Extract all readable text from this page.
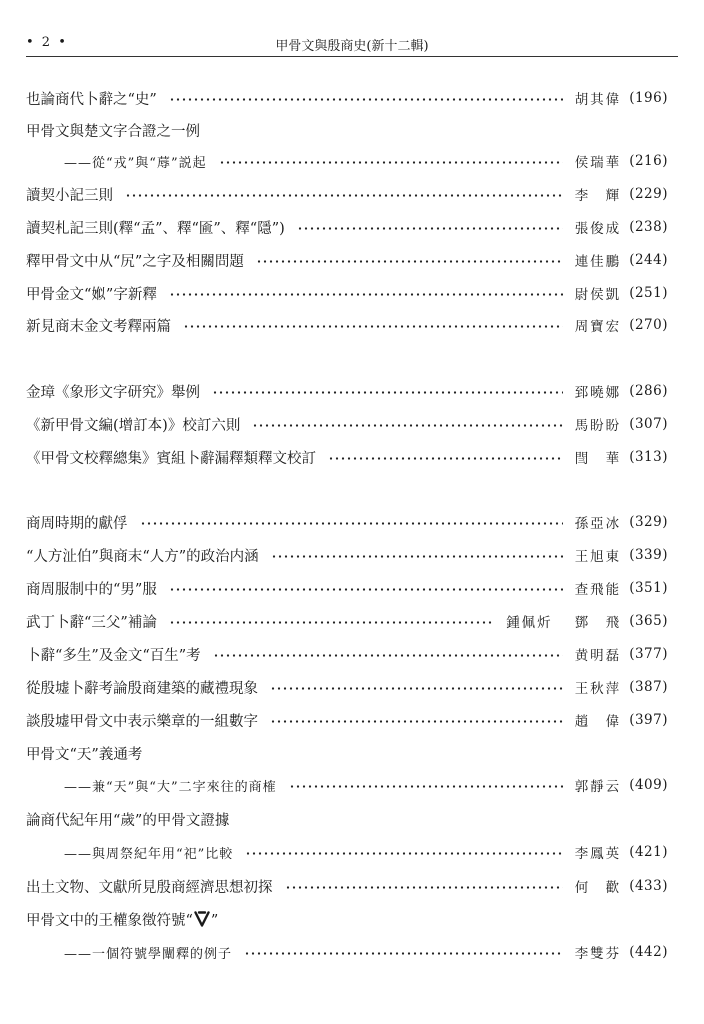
• 2 •	甲骨文與殷商史(新十二輯)
也論商代卜辭之“史”	胡其偉 (196)
甲骨文與楚文字合證之一例
——從“戎”與“蓐”説起	侯瑞華 (216)
讀契小記三則	李　輝 (229)
讀契札記三則(釋“孟”、釋“匬”、釋“隱”)	張俊成 (238)
釋甲骨文中从“尻”之字及相關問題	連佳鵬 (244)
甲骨金文“娰”字新釋	尉侯凱 (251)
新見商末金文考釋兩篇	周寶宏 (270)
金璋《象形文字研究》舉例	郅曉娜 (286)
《新甲骨文編(增訂本)》校訂六則	馬盼盼 (307)
《甲骨文校釋總集》賓組卜辭漏釋類釋文校訂	閆　華 (313)
商周時期的獻俘	孫亞冰 (329)
“人方沚伯”與商末“人方”的政治内涵	王旭東 (339)
商周服制中的“男”服	查飛能 (351)
武丁卜辭“三父”補論	鍾佩炘 鄧　飛 (365)
卜辭“多生”及金文“百生”考	黄明磊 (377)
從殷墟卜辭考論殷商建築的藏禮現象	王秋萍 (387)
談殷墟甲骨文中表示樂章的一組數字	趙　偉 (397)
甲骨文“天”義通考
——兼“天”與“大”二字來往的商榷	郭靜云 (409)
論商代紀年用“歲”的甲骨文證據
——與周祭紀年用“祀”比較	李鳳英 (421)
出土文物、文獻所見殷商經濟思想初探	何　歡 (433)
甲骨文中的王權象徵符號“ ”
——一個符號學闡釋的例子	李雙芬 (442)
